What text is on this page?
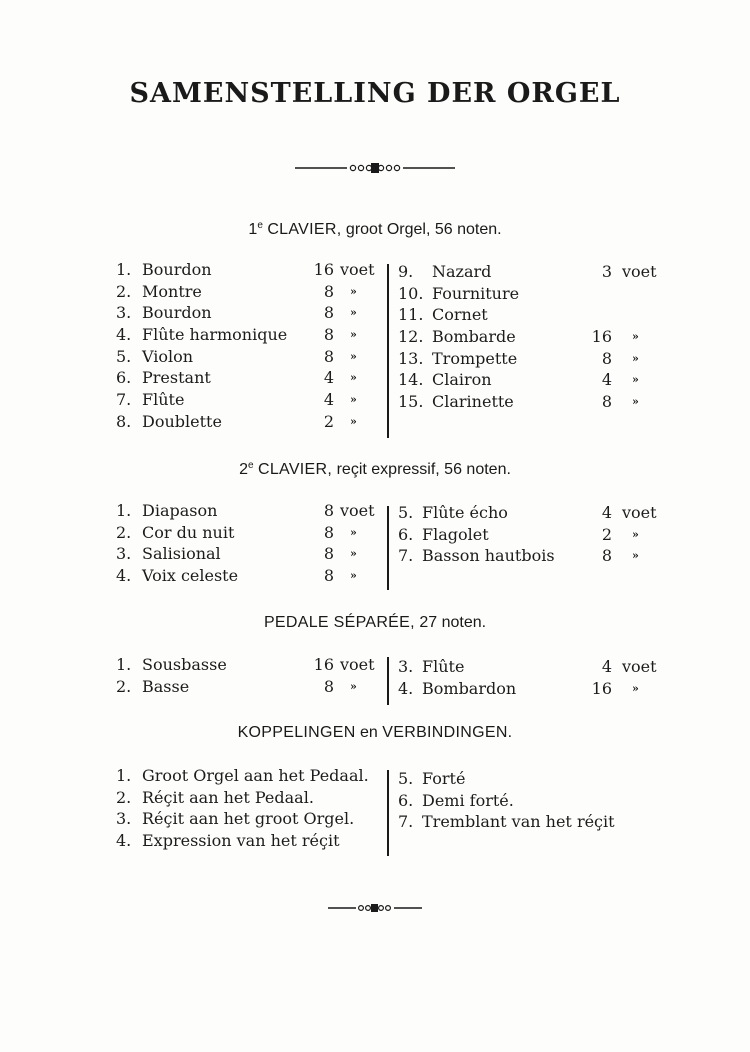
SAMENSTELLING DER ORGEL
1e CLAVIER, groot Orgel, 56 noten.
1. Bourdon	16 voet
2. Montre	8 »
3. Bourdon	8 »
4. Flûte harmonique	8 »
5. Violon	8 »
6. Prestant	4 »
7. Flûte	4 »
8. Doublette	2 »
9. Nazard	3 voet
10. Fourniture
11. Cornet
12. Bombarde	16 »
13. Trompette	8 »
14. Clairon	4 »
15. Clarinette	8 »
2e CLAVIER, reçit expressif, 56 noten.
1. Diapason	8 voet
2. Cor du nuit	8 »
3. Salisional	8 »
4. Voix celeste	8 »
5. Flûte écho	4 voet
6. Flagolet	2 »
7. Basson hautbois	8 »
PEDALE SÉPARÉE, 27 noten.
1. Sousbasse	16 voet
2. Basse	8 »
3. Flûte	4 voet
4. Bombardon	16 »
KOPPELINGEN en VERBINDINGEN.
1. Groot Orgel aan het Pedaal.
2. Réçit aan het Pedaal.
3. Réçit aan het groot Orgel.
4. Expression van het réçit
5. Forté
6. Demi forté.
7. Tremblant van het réçit
